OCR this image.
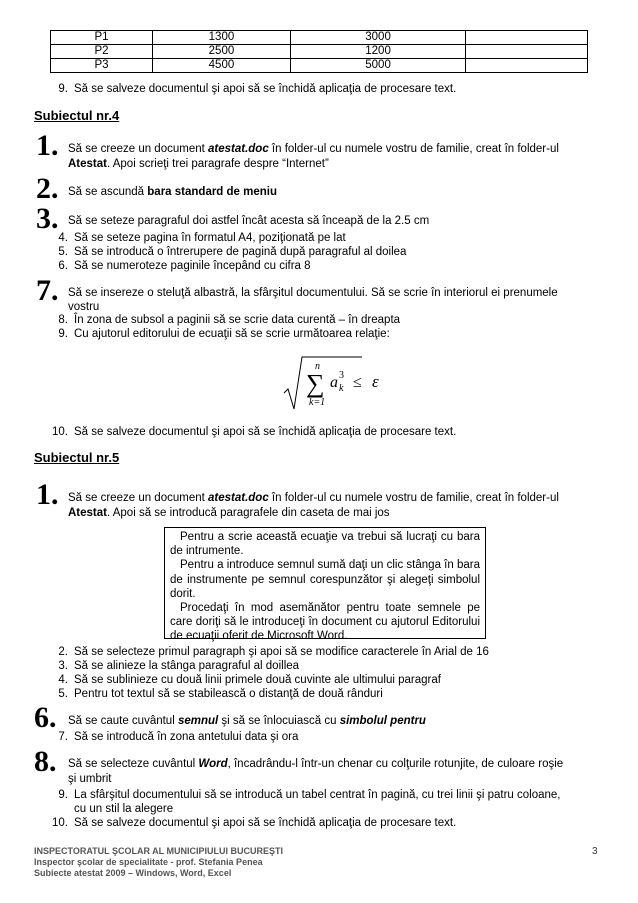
P1	1300	3000	
P2	2500	1200	
P3	4500	5000	
9. Să se salveze documentul şi apoi să se închidă aplicaţia de procesare text.
Subiectul nr.4
1. Să se creeze un document atestat.doc în folder-ul cu numele vostru de familie, creat în folder-ul
Atestat. Apoi scrieţi trei paragrafe despre “Internet”
2. Să se ascundă bara standard de meniu
3. Să se seteze paragraful doi astfel încât acesta să înceapă de la 2.5 cm
4. Să se seteze pagina în formatul A4, poziţionată pe lat
5. Să se introducă o întrerupere de pagină după paragraful al doilea
6. Să se numeroteze paginile începând cu cifra 8
7. Să se insereze o steluţă albastră, la sfârşitul documentului. Să se scrie în interiorul ei prenumele
vostru
8. În zona de subsol a paginii să se scrie data curentă – în dreapta
9. Cu ajutorul editorului de ecuaţii să se scrie următoarea relaţie:
n
∑
k=1
a 3
k ≤ ε
10. Să se salveze documentul şi apoi să se închidă aplicaţia de procesare text.
Subiectul nr.5
1. Să se creeze un document atestat.doc în folder-ul cu numele vostru de familie, creat în folder-ul
Atestat. Apoi să se introducă paragrafele din caseta de mai jos

Pentru a scrie această ecuaţie va trebui să lucraţi cu bara de intrumente.

Pentru a introduce semnul sumă daţi un clic stânga în bara de instrumente pe semnul corespunzător şi alegeţi simbolul dorit.

Procedaţi în mod asemănător pentru toate semnele pe care doriţi să le introduceţi în document cu ajutorul Editorului de ecuaţii oferit de Microsoft Word.

2. Să se selecteze primul paragraph şi apoi să se modifice caracterele în Arial de 16
3. Să se alinieze la stânga paragraful al doillea
4. Să se sublinieze cu două linii primele două cuvinte ale ultimului paragraf
5. Pentru tot textul să se stabilească o distanţă de două rânduri
6. Să se caute cuvântul semnul şi să se înlocuiască cu simbolul pentru
7. Să se introducă în zona antetului data şi ora
8. Să se selecteze cuvântul Word, încadrându-l într-un chenar cu colţurile rotunjite, de culoare roşie
şi umbrit
9. La sfârşitul documentului să se introducă un tabel centrat în pagină, cu trei linii şi patru coloane,
cu un stil la alegere
10. Să se salveze documentul şi apoi să se închidă aplicaţia de procesare text.
INSPECTORATUL ŞCOLAR AL MUNICIPIULUI BUCUREŞTI
Inspector şcolar de specialitate - prof. Stefania Penea
Subiecte atestat 2009 – Windows, Word, Excel
3
